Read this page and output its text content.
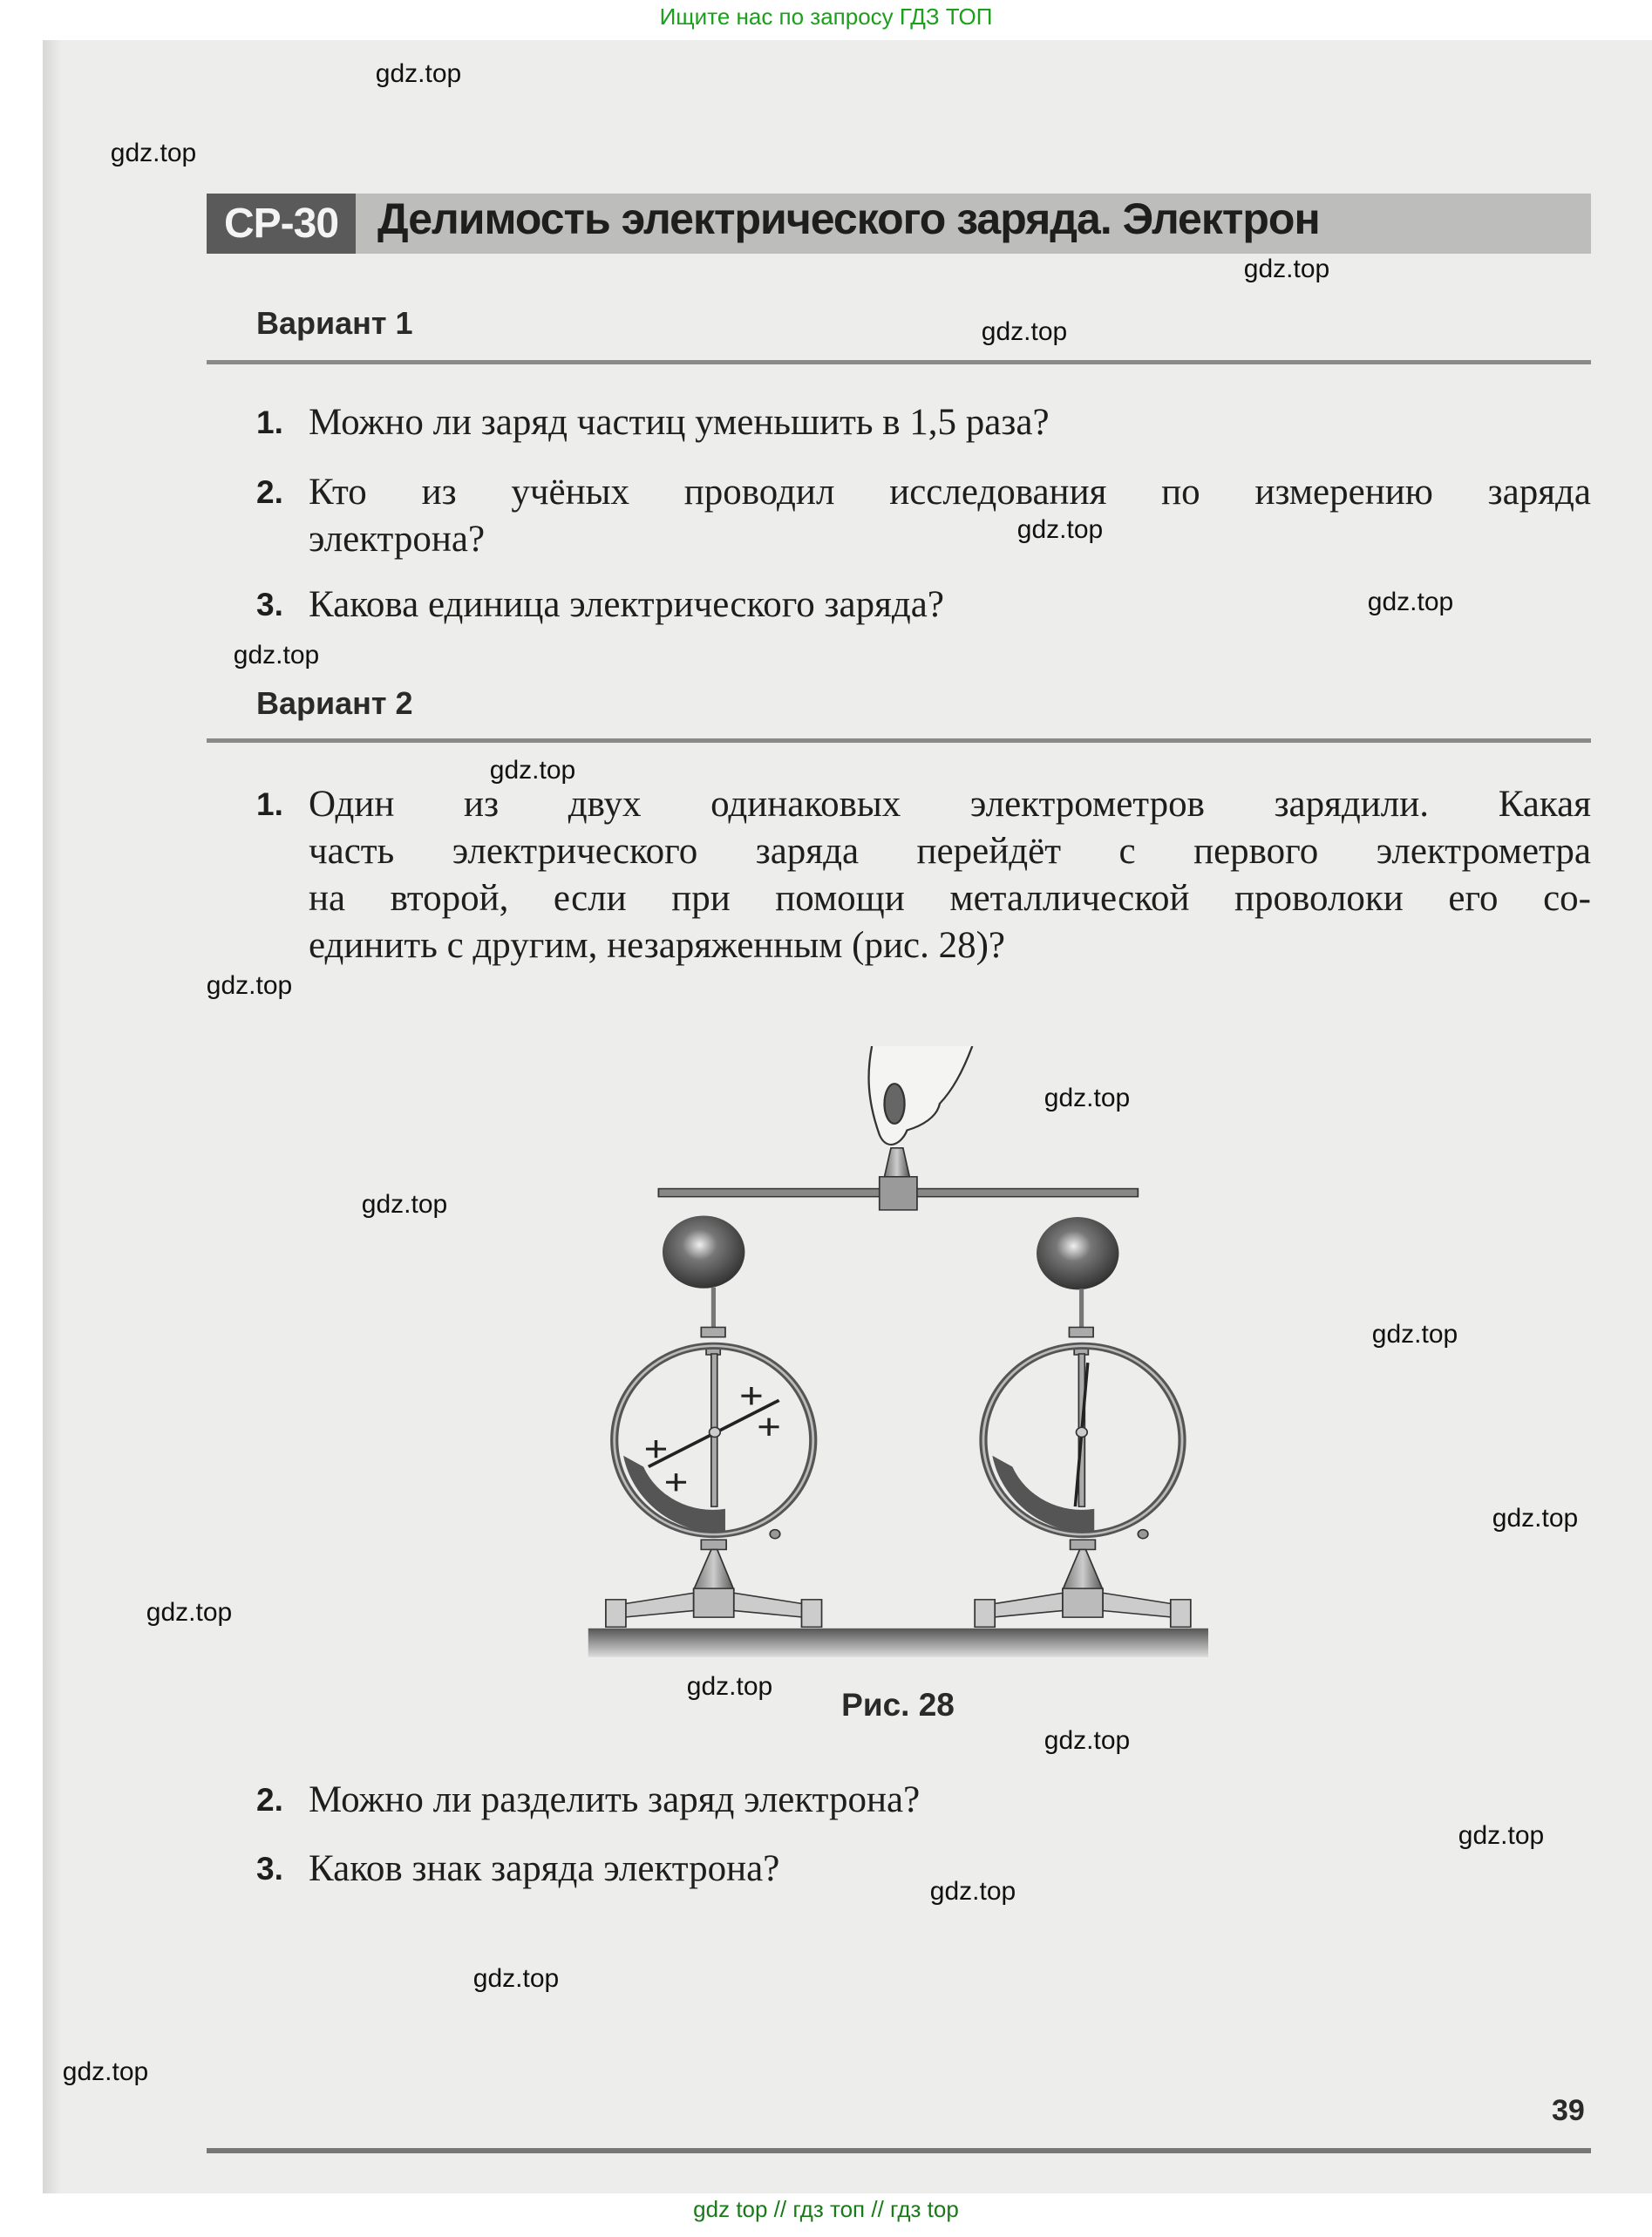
Ищите нас по запросу ГДЗ ТОП
СР-30 Делимость электрического заряда. Электрон
Вариант 1
1. Можно ли заряд частиц уменьшить в 1,5 раза?
2. Кто из учёных проводил исследования по измерению заряда
электрона?
3. Какова единица электрического заряда?
Вариант 2
1. Один из двух одинаковых электрометров зарядили. Какая
часть электрического заряда перейдёт с первого электрометра
на второй, если при помощи металлической проволоки его со-
единить с другим, незаряженным (рис. 28)?
Рис. 28
2. Можно ли разделить заряд электрона?
3. Каков знак заряда электрона?
39
gdz.top
gdz.top
gdz.top
gdz.top
gdz.top
gdz.top
gdz.top
gdz.top
gdz.top
gdz.top
gdz.top
gdz.top
gdz.top
gdz.top
gdz.top
gdz.top
gdz.top
gdz.top
gdz.top
gdz.top
gdz top // гдз топ // гдз top
